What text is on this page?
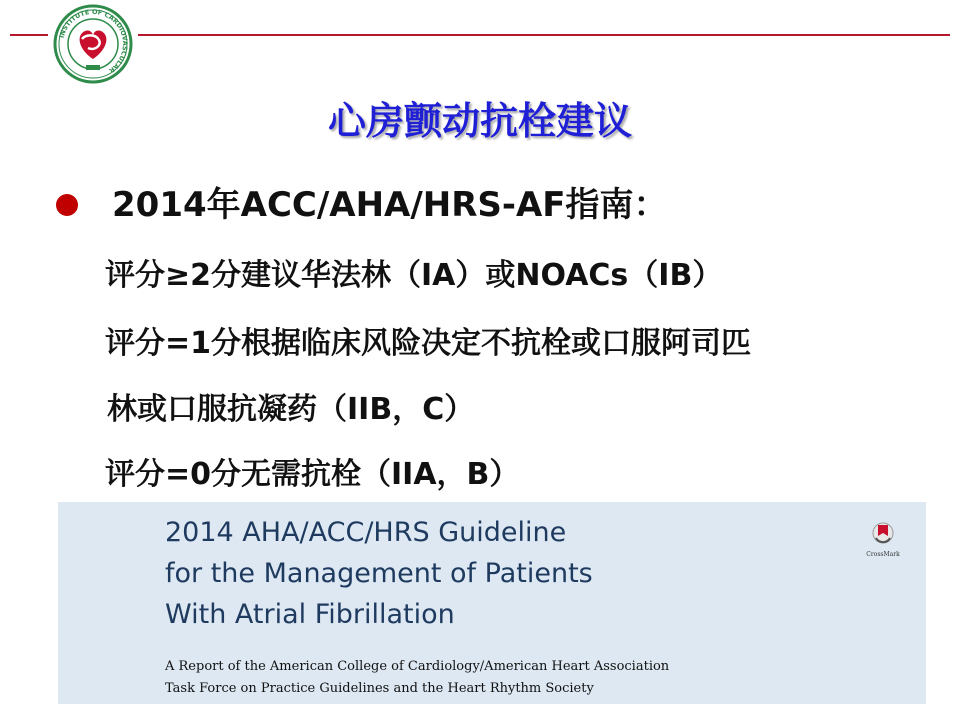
INSTITUTE OF CARDIOVASCULAR
心房颤动抗栓建议
2014年ACC/AHA/HRS-AF指南：
评分≥2分建议华法林（IA）或NOACs（IB）
评分=1分根据临床风险决定不抗栓或口服阿司匹
林或口服抗凝药（IIB，C）
评分=0分无需抗栓（IIA，B）
2014 AHA/ACC/HRS Guideline
for the Management of Patients
With Atrial Fibrillation
A Report of the American College of Cardiology/American Heart Association
Task Force on Practice Guidelines and the Heart Rhythm Society
CrossMark
